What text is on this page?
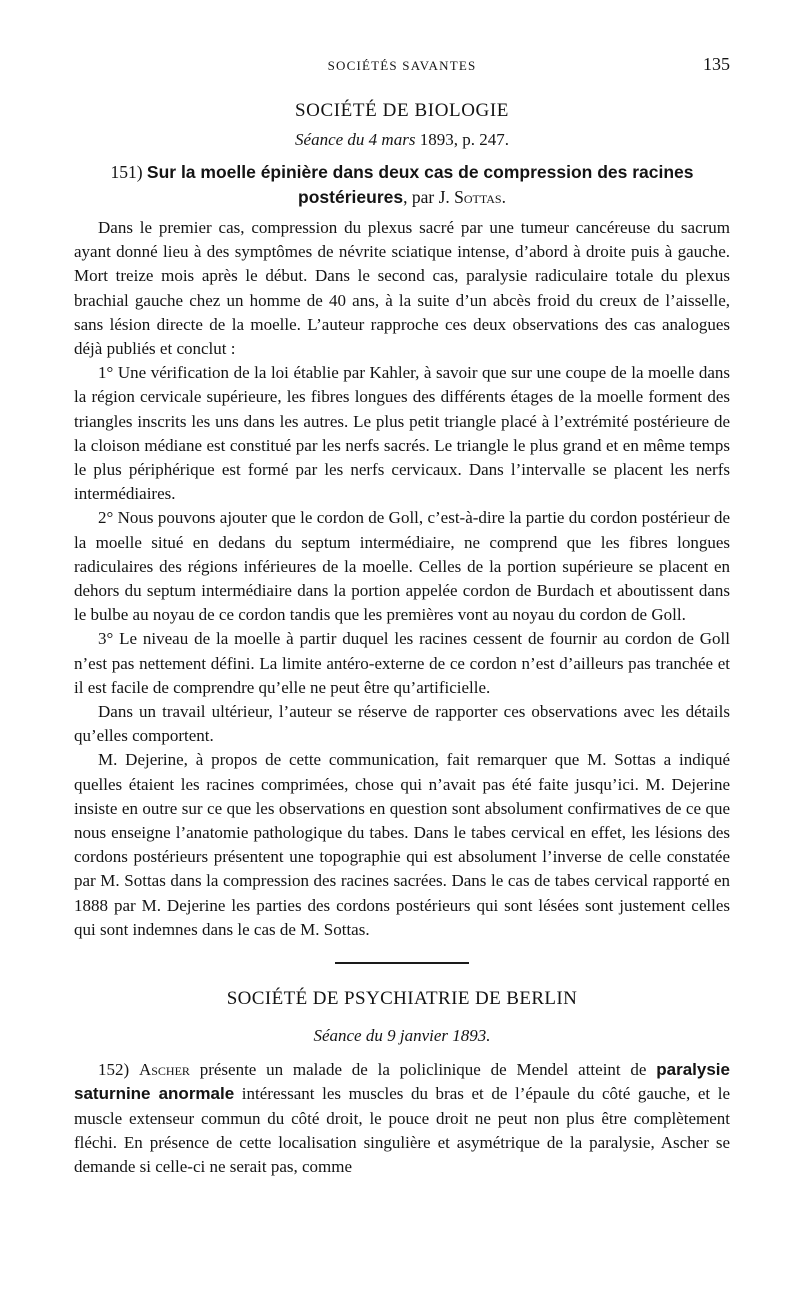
SOCIÉTÉS SAVANTES	135
SOCIÉTÉ DE BIOLOGIE
Séance du 4 mars 1893, p. 247.
151) Sur la moelle épinière dans deux cas de compression des racines postérieures, par J. Sottas.

Dans le premier cas, compression du plexus sacré par une tumeur cancéreuse du sacrum ayant donné lieu à des symptômes de névrite sciatique intense, d’abord à droite puis à gauche. Mort treize mois après le début. Dans le second cas, paralysie radiculaire totale du plexus brachial gauche chez un homme de 40 ans, à la suite d’un abcès froid du creux de l’aisselle, sans lésion directe de la moelle. L’auteur rapproche ces deux observations des cas analogues déjà publiés et conclut :

1° Une vérification de la loi établie par Kahler, à savoir que sur une coupe de la moelle dans la région cervicale supérieure, les fibres longues des différents étages de la moelle forment des triangles inscrits les uns dans les autres. Le plus petit triangle placé à l’extrémité postérieure de la cloison médiane est constitué par les nerfs sacrés. Le triangle le plus grand et en même temps le plus périphérique est formé par les nerfs cervicaux. Dans l’intervalle se placent les nerfs intermédiaires.

2° Nous pouvons ajouter que le cordon de Goll, c’est-à-dire la partie du cordon postérieur de la moelle situé en dedans du septum intermédiaire, ne comprend que les fibres longues radiculaires des régions inférieures de la moelle. Celles de la portion supérieure se placent en dehors du septum intermédiaire dans la portion appelée cordon de Burdach et aboutissent dans le bulbe au noyau de ce cordon tandis que les premières vont au noyau du cordon de Goll.

3° Le niveau de la moelle à partir duquel les racines cessent de fournir au cordon de Goll n’est pas nettement défini. La limite antéro-externe de ce cordon n’est d’ailleurs pas tranchée et il est facile de comprendre qu’elle ne peut être qu’artificielle.

Dans un travail ultérieur, l’auteur se réserve de rapporter ces observations avec les détails qu’elles comportent.

M. Dejerine, à propos de cette communication, fait remarquer que M. Sottas a indiqué quelles étaient les racines comprimées, chose qui n’avait pas été faite jusqu’ici. M. Dejerine insiste en outre sur ce que les observations en question sont absolument confirmatives de ce que nous enseigne l’anatomie pathologique du tabes. Dans le tabes cervical en effet, les lésions des cordons postérieurs présentent une topographie qui est absolument l’inverse de celle constatée par M. Sottas dans la compression des racines sacrées. Dans le cas de tabes cervical rapporté en 1888 par M. Dejerine les parties des cordons postérieurs qui sont lésées sont justement celles qui sont indemnes dans le cas de M. Sottas.

SOCIÉTÉ DE PSYCHIATRIE DE BERLIN
Séance du 9 janvier 1893.

152) Ascher présente un malade de la policlinique de Mendel atteint de paralysie saturnine anormale intéressant les muscles du bras et de l’épaule du côté gauche, et le muscle extenseur commun du côté droit, le pouce droit ne peut non plus être complètement fléchi. En présence de cette localisation singulière et asymétrique de la paralysie, Ascher se demande si celle-ci ne serait pas, comme
